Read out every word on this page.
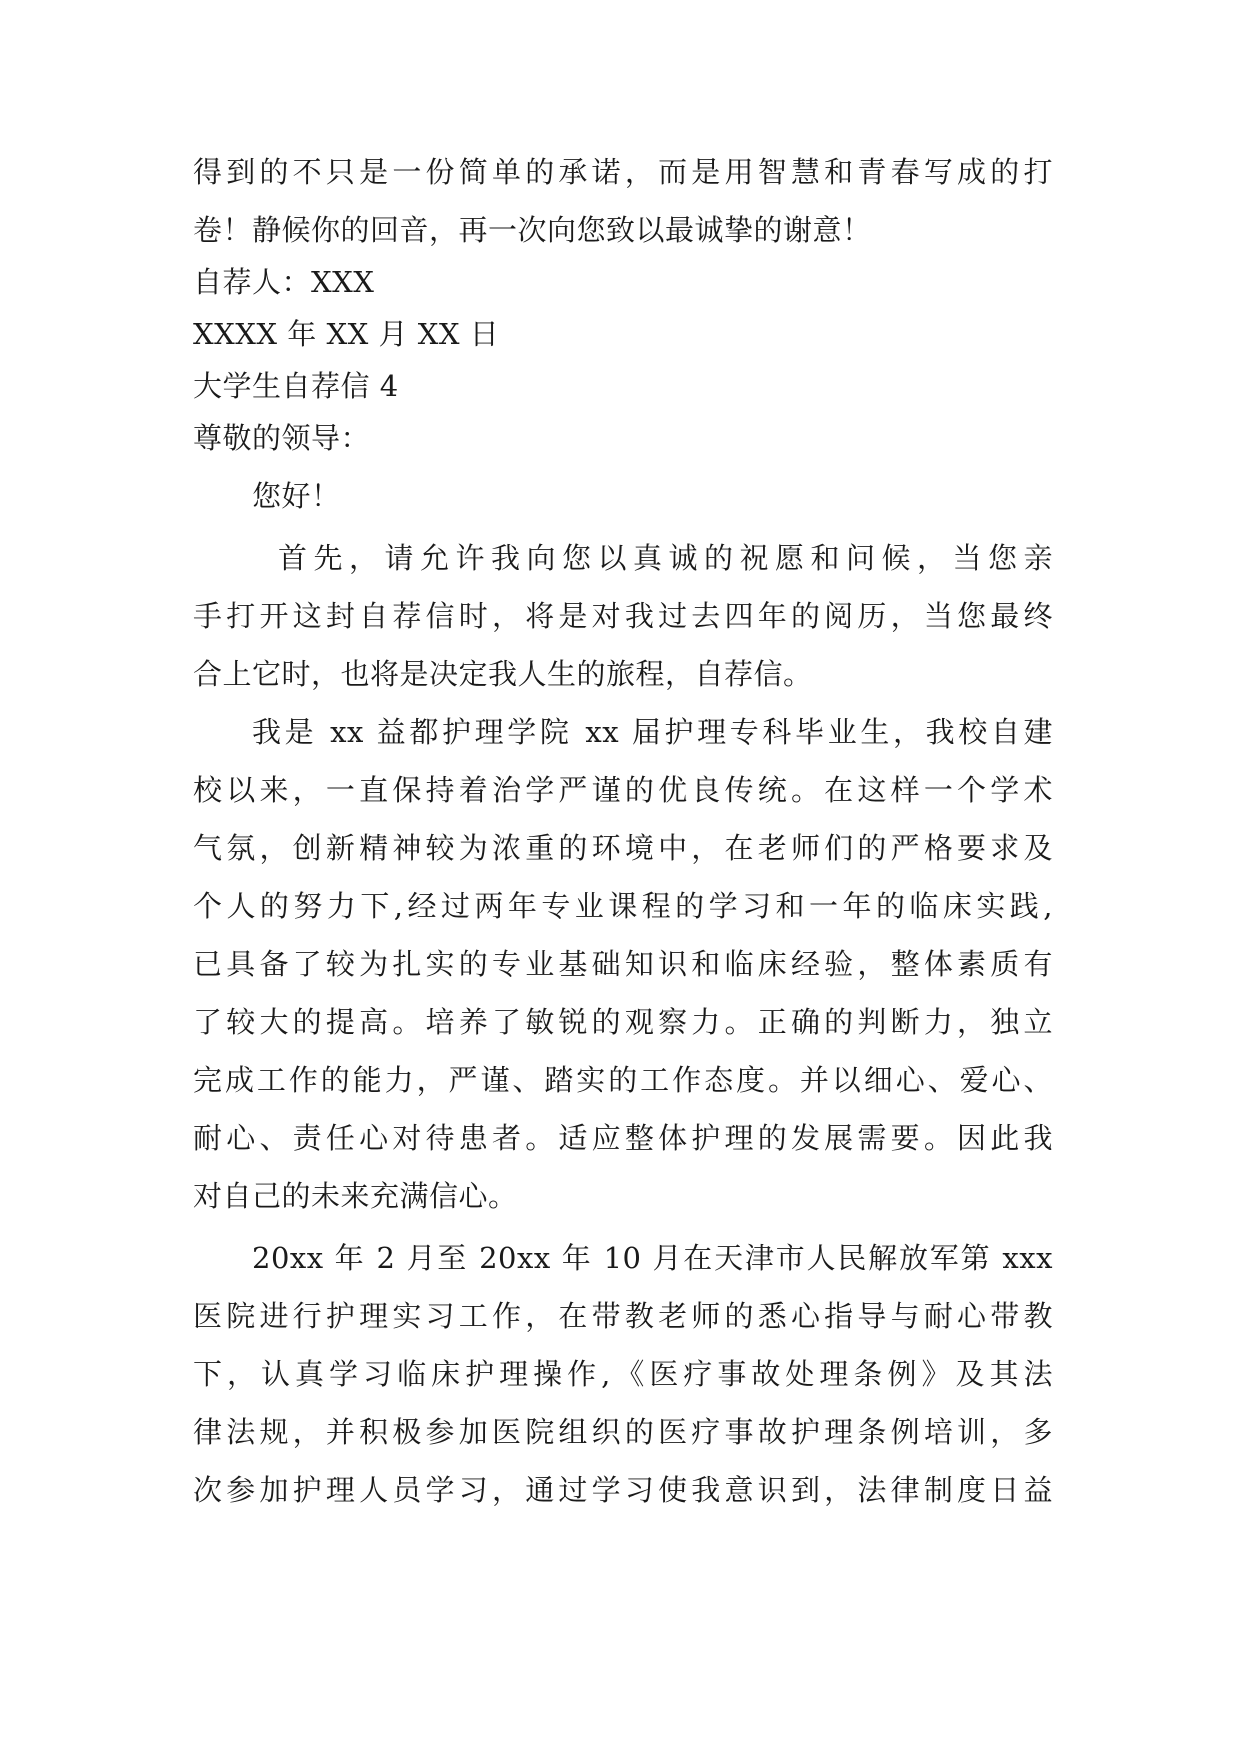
得到的不只是一份简单的承诺，而是用智慧和青春写成的打
卷！静候你的回音，再一次向您致以最诚挚的谢意！
自荐人：XXX
XXXX 年 XX 月 XX 日
大学生自荐信 4
尊敬的领导：
您好！
首先，请允许我向您以真诚的祝愿和问候，当您亲
手打开这封自荐信时，将是对我过去四年的阅历，当您最终
合上它时，也将是决定我人生的旅程，自荐信。
我是 xx 益都护理学院 xx 届护理专科毕业生，我校自建
校以来，一直保持着治学严谨的优良传统。在这样一个学术
气氛，创新精神较为浓重的环境中，在老师们的严格要求及
个人的努力下,经过两年专业课程的学习和一年的临床实践,
已具备了较为扎实的专业基础知识和临床经验，整体素质有
了较大的提高。培养了敏锐的观察力。正确的判断力，独立
完成工作的能力，严谨、踏实的工作态度。并以细心、爱心、
耐心、责任心对待患者。适应整体护理的发展需要。因此我
对自己的未来充满信心。
20xx 年 2 月至 20xx 年 10 月在天津市人民解放军第 xxx
医院进行护理实习工作，在带教老师的悉心指导与耐心带教
下，认真学习临床护理操作,《医疗事故处理条例》及其法
律法规，并积极参加医院组织的医疗事故护理条例培训，多
次参加护理人员学习，通过学习使我意识到，法律制度日益
